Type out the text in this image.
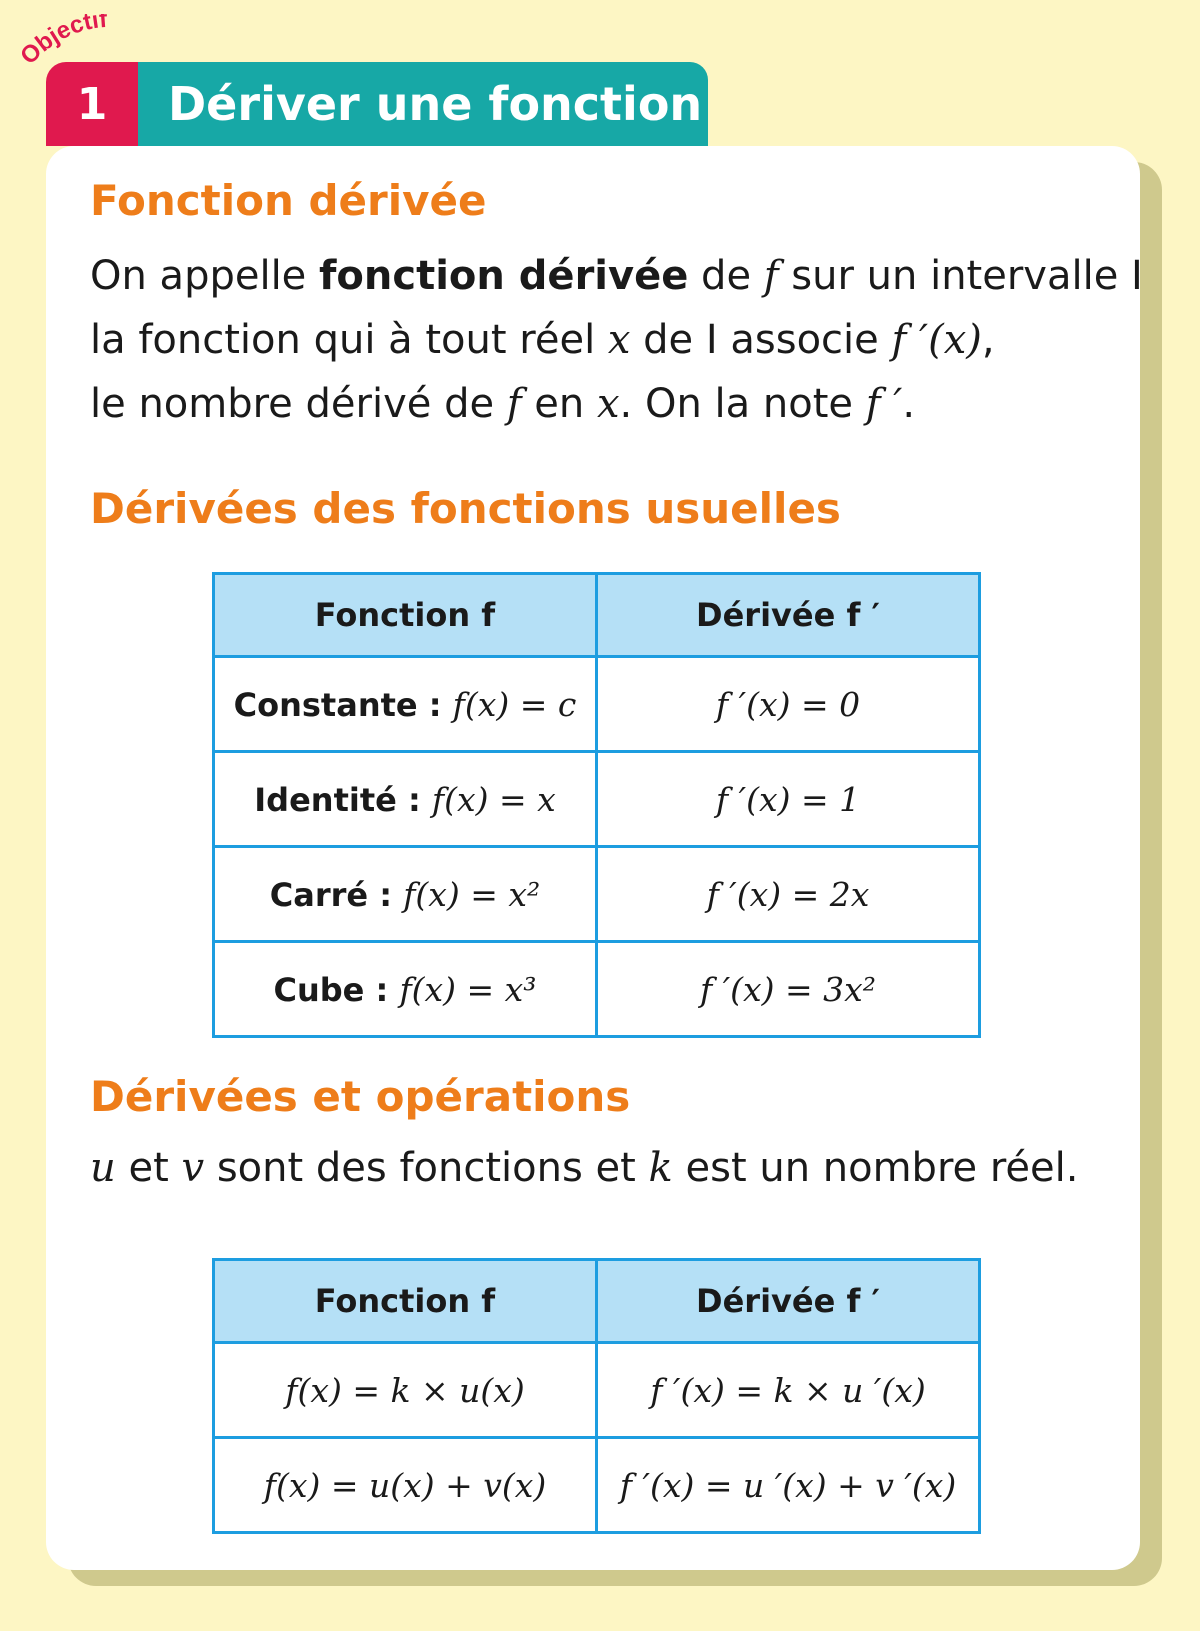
bjectif
1	Dériver une fonction
Fonction dérivée
On appelle fonction dérivée de f sur un intervalle I
la fonction qui à tout réel x de I associe f ′(x),
le nombre dérivé de f en x. On la note f ′.
Dérivées des fonctions usuelles
Fonction f	Dérivée f ′
Constante : f(x) = c	f ′(x) = 0
Identité : f(x) = x	f ′(x) = 1
Carré : f(x) = x²	f ′(x) = 2x
Cube : f(x) = x³	f ′(x) = 3x²
Dérivées et opérations
u et v sont des fonctions et k est un nombre réel.
Fonction f	Dérivée f ′
f(x) = k × u(x)	f ′(x) = k × u ′(x)
f(x) = u(x) + v(x)	f ′(x) = u ′(x) + v ′(x)
